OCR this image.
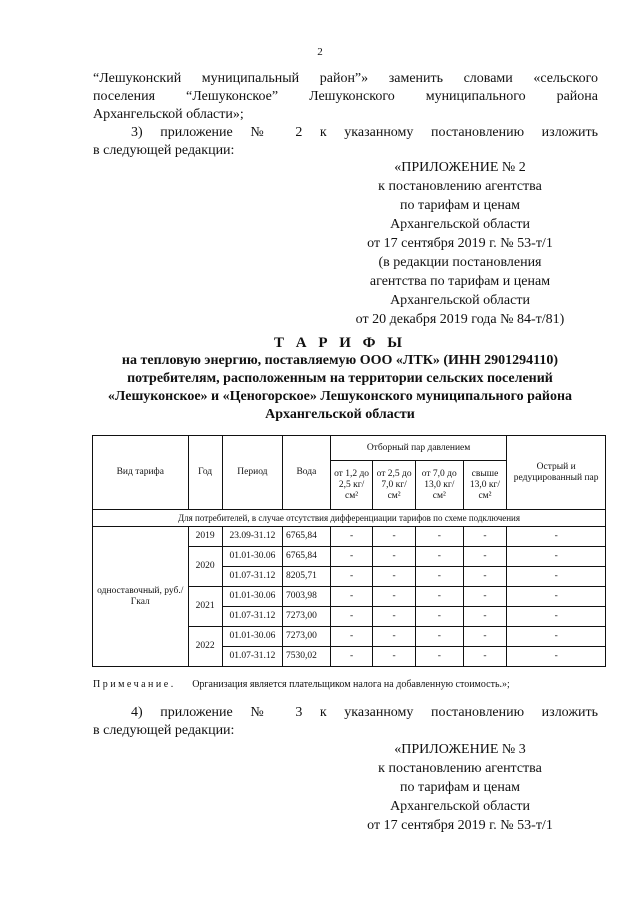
2
“Лешуконский муниципальный район”» заменить словами «сельского
поселения “Лешуконское” Лешуконского муниципального района
Архангельской области»;
3) приложение № 2 к указанному постановлению изложить
в следующей редакции:
«ПРИЛОЖЕНИЕ № 2
к постановлению агентства
по тарифам и ценам
Архангельской области
от 17 сентября 2019 г. № 53-т/1
(в редакции постановления
агентства по тарифам и ценам
Архангельской области
от 20 декабря 2019 года № 84-т/81)
Т А Р И Ф Ы
на тепловую энергию, поставляемую ООО «ЛТК» (ИНН 2901294110)
потребителям, расположенным на территории сельских поселений
«Лешуконское» и «Ценогорское» Лешуконского муниципального района
Архангельской области
Вид тарифа	Год	Период	Вода	Отборный пар давлением				Острый и редуцированный пар
				от 1,2 до 2,5 кг/см²	от 2,5 до 7,0 кг/см²	от 7,0 до 13,0 кг/см²	свыше 13,0 кг/см²	
Для потребителей, в случае отсутствия дифференциации тарифов по схеме подключения								
одноставочный, руб./Гкал	2019	23.09-31.12	6765,84	-	-	-	-	-
	2020	01.01-30.06	6765,84	-	-	-	-	-
		01.07-31.12	8205,71	-	-	-	-	-
	2021	01.01-30.06	7003,98	-	-	-	-	-
		01.07-31.12	7273,00	-	-	-	-	-
	2022	01.01-30.06	7273,00	-	-	-	-	-
		01.07-31.12	7530,02	-	-	-	-	-
Примечание. Организация является плательщиком налога на добавленную стоимость.»;
4) приложение № 3 к указанному постановлению изложить
в следующей редакции:
«ПРИЛОЖЕНИЕ № 3
к постановлению агентства
по тарифам и ценам
Архангельской области
от 17 сентября 2019 г. № 53-т/1
